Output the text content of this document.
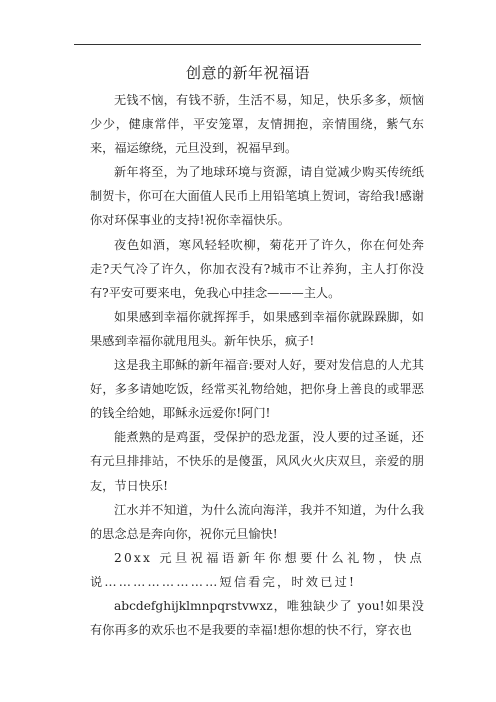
创意的新年祝福语

无钱不恼，有钱不骄，生活不易，知足，快乐多多，烦恼少少，健康常伴，平安笼罩，友情拥抱，亲情围绕，紫气东来，福运缭绕，元旦没到，祝福早到。

新年将至，为了地球环境与资源，请自觉减少购买传统纸制贺卡，你可在大面值人民币上用铅笔填上贺词，寄给我!感谢你对环保事业的支持!祝你幸福快乐。

夜色如酒，寒风轻轻吹柳，菊花开了许久，你在何处奔走?天气冷了许久，你加衣没有?城市不让养狗，主人打你没有?平安可要来电，免我心中挂念———主人。

如果感到幸福你就挥挥手，如果感到幸福你就跺跺脚，如果感到幸福你就甩甩头。新年快乐，疯子!

这是我主耶稣的新年福音:要对人好，要对发信息的人尤其好，多多请她吃饭，经常买礼物给她，把你身上善良的或罪恶的钱全给她，耶稣永远爱你!阿门!

能煮熟的是鸡蛋，受保护的恐龙蛋，没人要的过圣诞，还有元旦排排站，不快乐的是傻蛋，风风火火庆双旦，亲爱的朋友，节日快乐!

江水并不知道，为什么流向海洋，我并不知道，为什么我的思念总是奔向你，祝你元旦愉快!

20xx 元旦祝福语新年你想要什么礼物，快点说……………………短信看完，时效已过!

abcdefghijklmnpqrstvwxz，唯独缺少了 you!如果没有你再多的欢乐也不是我要的幸福!想你想的快不行，穿衣也
